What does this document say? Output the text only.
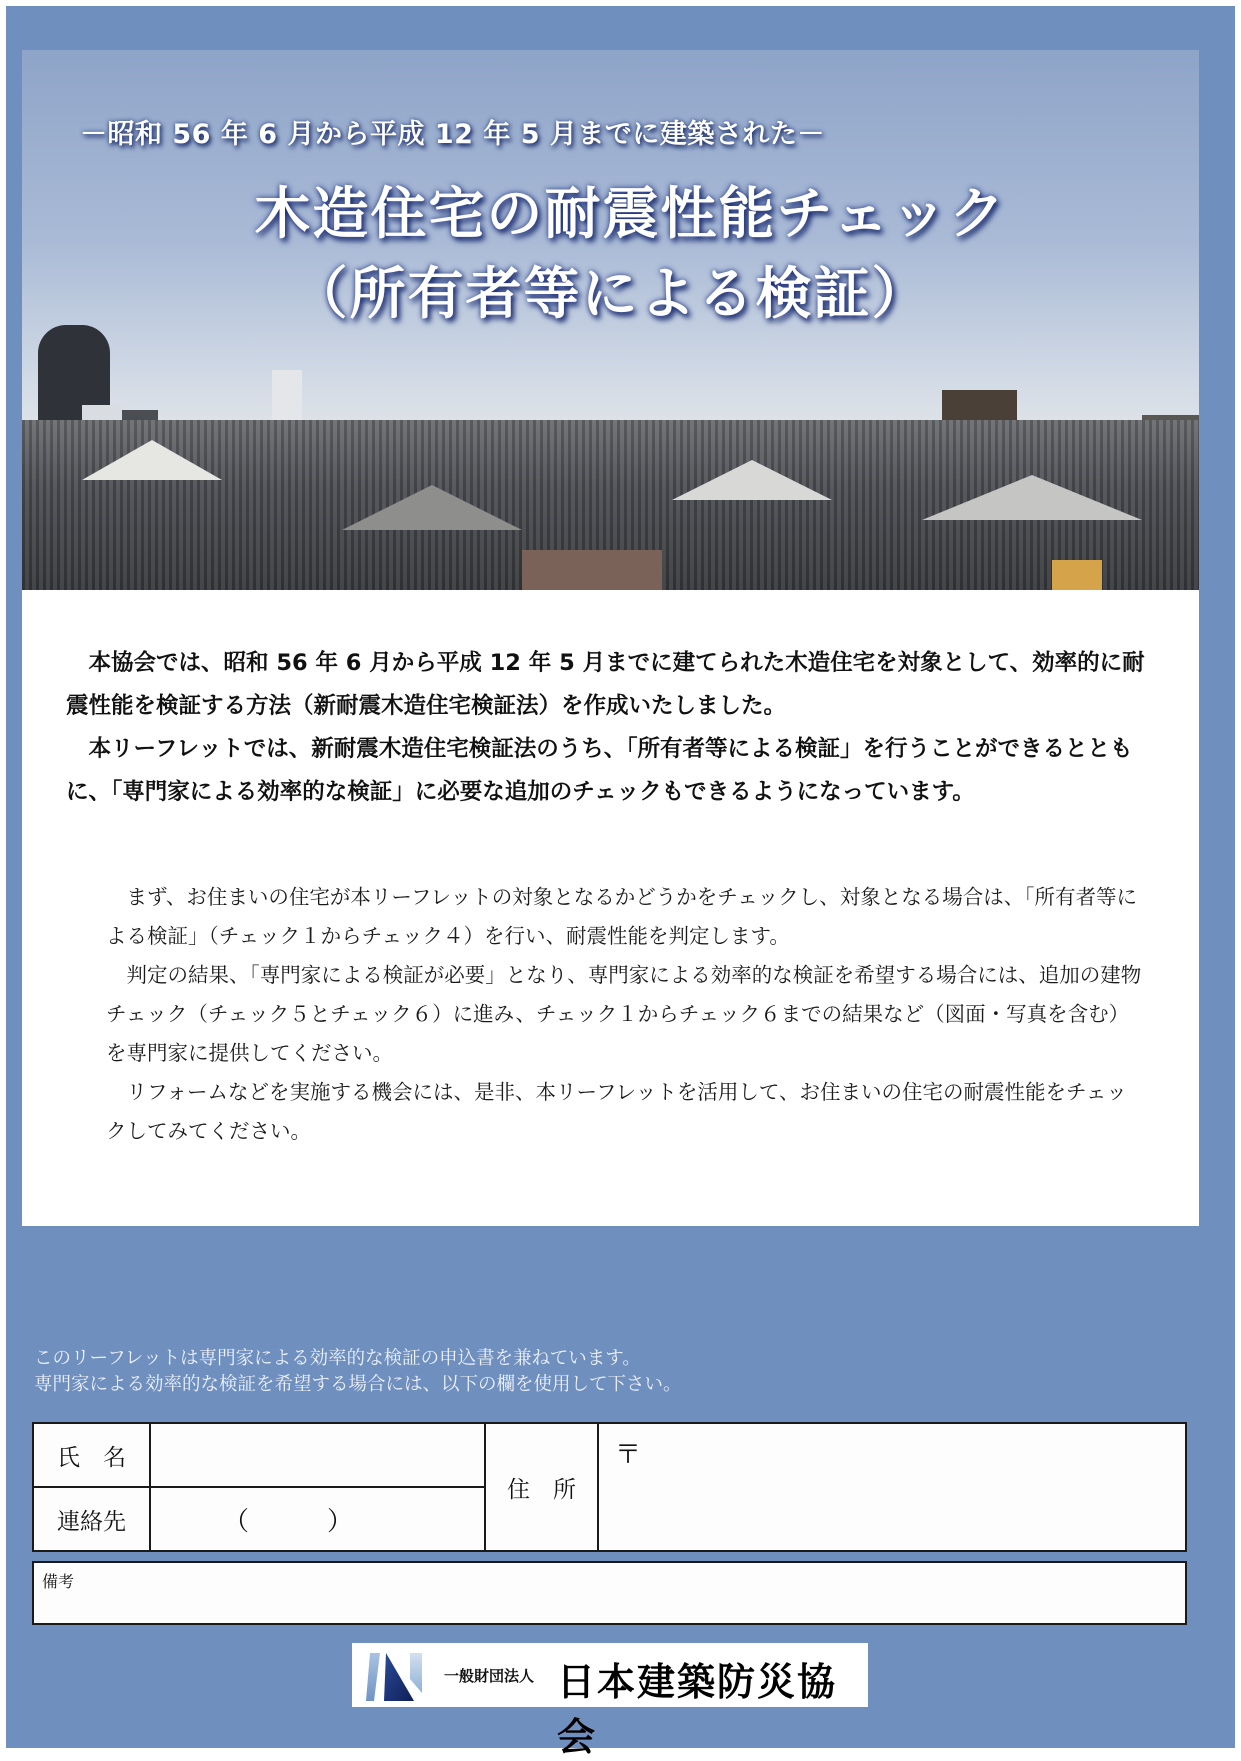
－昭和 56 年 6 月から平成 12 年 5 月までに建築された－
木造住宅の耐震性能チェック
（所有者等による検証）

　本協会では、昭和 56 年 6 月から平成 12 年 5 月までに建てられた木造住宅を対象として、効率的に耐震性能を検証する方法（新耐震木造住宅検証法）を作成いたしました。

　本リーフレットでは、新耐震木造住宅検証法のうち、「所有者等による検証」を行うことができるとともに、「専門家による効率的な検証」に必要な追加のチェックもできるようになっています。

まず、お住まいの住宅が本リーフレットの対象となるかどうかをチェックし、対象となる場合は、「所有者等による検証」（チェック１からチェック４）を行い、耐震性能を判定します。

判定の結果、「専門家による検証が必要」となり、専門家による効率的な検証を希望する場合には、追加の建物チェック（チェック５とチェック６）に進み、チェック１からチェック６までの結果など（図面・写真を含む）を専門家に提供してください。

リフォームなどを実施する機会には、是非、本リーフレットを活用して、お住まいの住宅の耐震性能をチェックしてみてください。

このリーフレットは専門家による効率的な検証の申込書を兼ねています。

専門家による効率的な検証を希望する場合には、以下の欄を使用して下さい。

氏　名
連絡先	（　　　）
住　所
〒
備考
一般財団法人 日本建築防災協会
